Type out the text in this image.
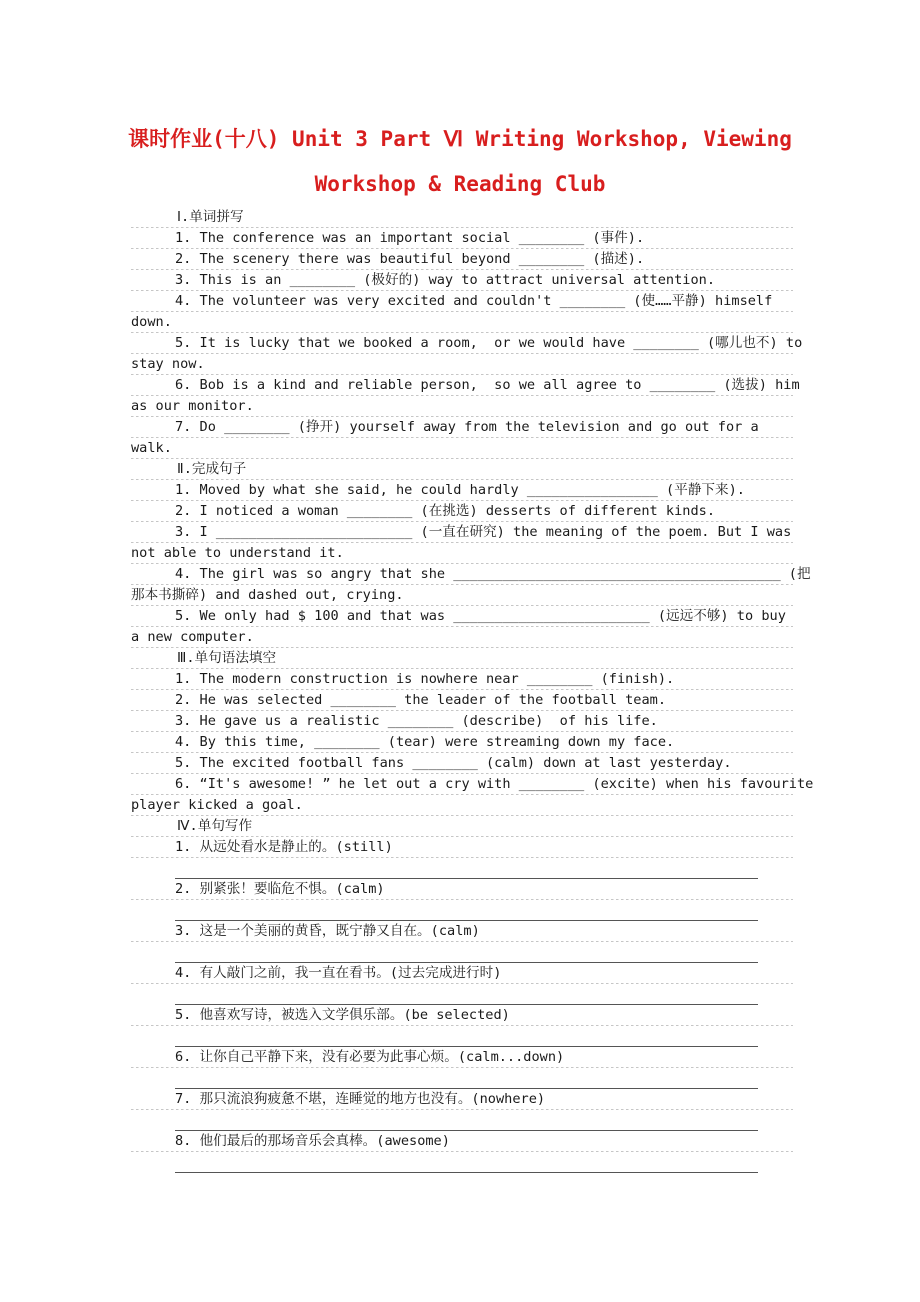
课时作业(十八) Unit 3 Part Ⅵ Writing Workshop, Viewing
Workshop & Reading Club
Ⅰ.单词拼写
1. The conference was an important social ________ (事件).
2. The scenery there was beautiful beyond ________ (描述).
3. This is an ________ (极好的) way to attract universal attention.
4. The volunteer was very excited and couldn't ________ (使……平静) himself
down.
5. It is lucky that we booked a room,  or we would have ________ (哪儿也不) to
stay now.
6. Bob is a kind and reliable person,  so we all agree to ________ (选拔) him
as our monitor.
7. Do ________ (挣开) yourself away from the television and go out for a
walk.
Ⅱ.完成句子
1. Moved by what she said, he could hardly ________________ (平静下来).
2. I noticed a woman ________ (在挑选) desserts of different kinds.
3. I ________________________ (一直在研究) the meaning of the poem. But I was
not able to understand it.
4. The girl was so angry that she ________________________________________ (把
那本书撕碎) and dashed out, crying.
5. We only had $ 100 and that was ________________________ (远远不够) to buy
a new computer.
Ⅲ.单句语法填空
1. The modern construction is nowhere near ________ (finish).
2. He was selected ________ the leader of the football team.
3. He gave us a realistic ________ (describe)  of his life.
4. By this time, ________ (tear) were streaming down my face.
5. The excited football fans ________ (calm) down at last yesterday.
6. “It's awesome! ” he let out a cry with ________ (excite) when his favourite
player kicked a goal.
Ⅳ.单句写作
1. 从远处看水是静止的。(still)
2. 别紧张！要临危不惧。(calm)
3. 这是一个美丽的黄昏，既宁静又自在。(calm)
4. 有人敲门之前，我一直在看书。(过去完成进行时)
5. 他喜欢写诗，被选入文学俱乐部。(be selected)
6. 让你自己平静下来，没有必要为此事心烦。(calm...down)
7. 那只流浪狗疲惫不堪，连睡觉的地方也没有。(nowhere)
8. 他们最后的那场音乐会真棒。(awesome)
